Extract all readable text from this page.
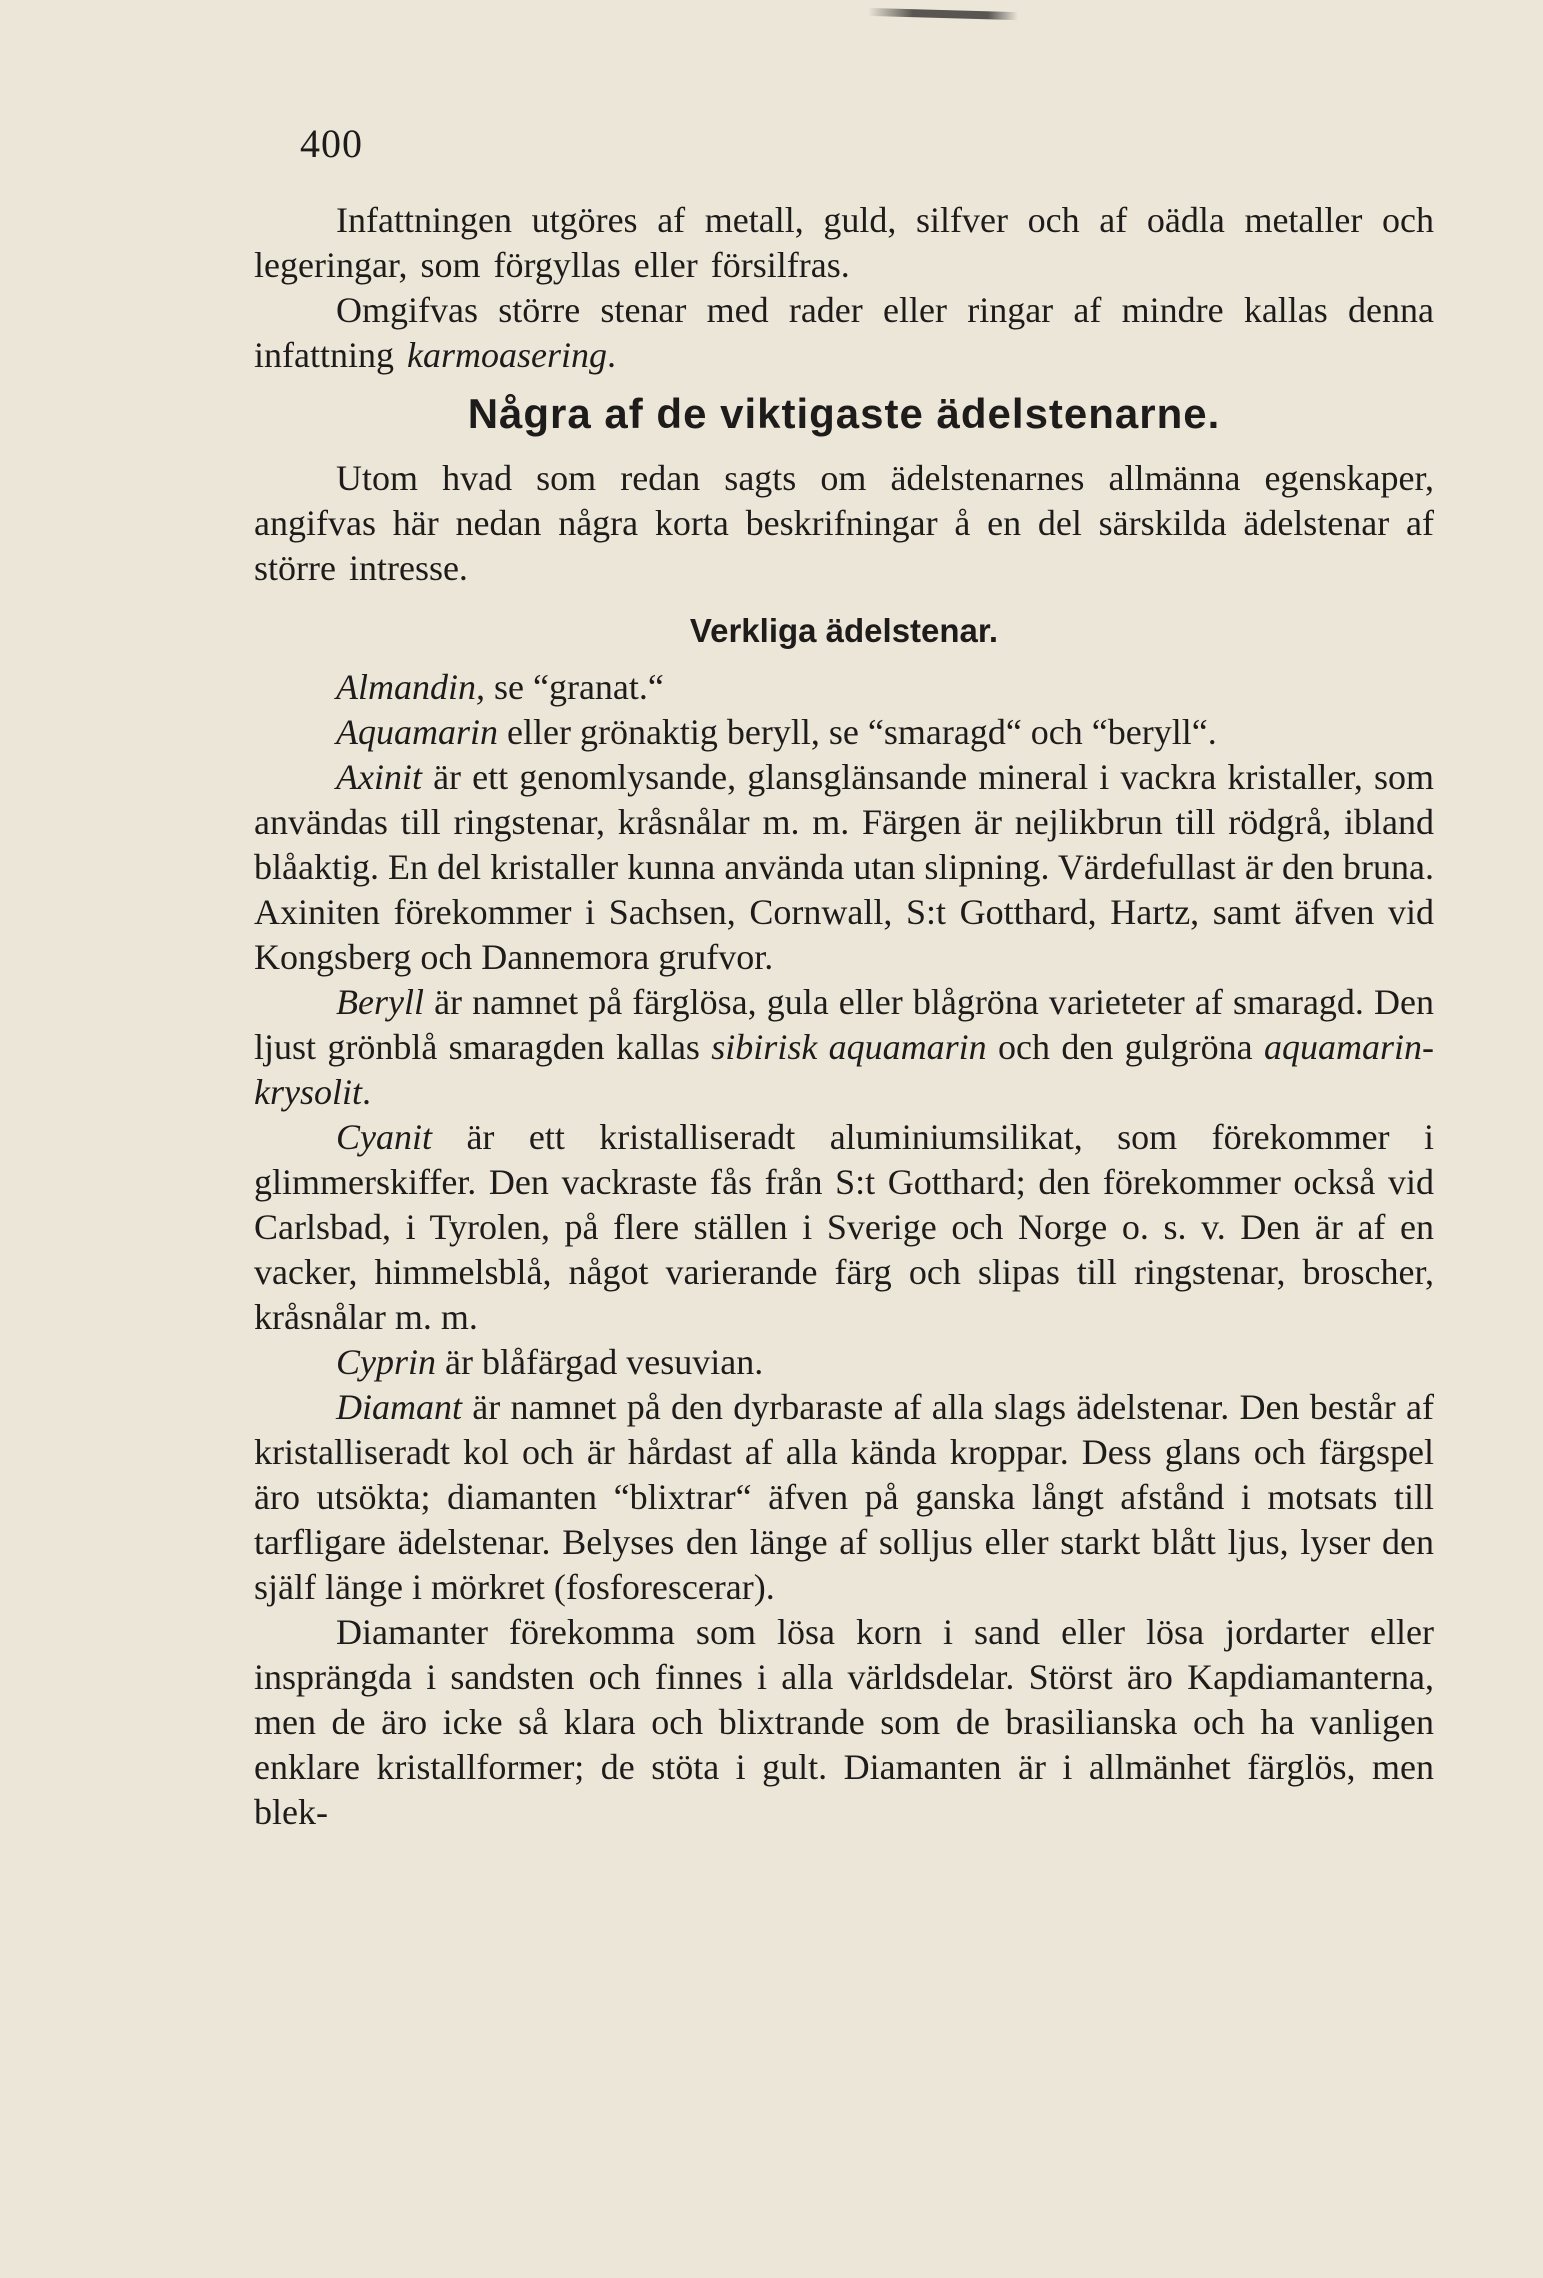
400

Infattningen utgöres af metall, guld, silfver och af oädla metaller och legeringar, som förgyllas eller försilfras.

Omgifvas större stenar med rader eller ringar af mindre kallas denna infattning karmoasering.

Några af de viktigaste ädelstenarne.

Utom hvad som redan sagts om ädelstenarnes allmänna egenskaper, angifvas här nedan några korta beskrifningar å en del särskilda ädelstenar af större intresse.

Verkliga ädelstenar.

Almandin, se “granat.“

Aquamarin eller grönaktig beryll, se “smaragd“ och “beryll“.

Axinit är ett genomlysande, glansglänsande mineral i vackra kristaller, som användas till ringstenar, kråsnålar m. m. Färgen är nejlikbrun till rödgrå, ibland blåaktig. En del kristaller kunna använda utan slipning. Värdefullast är den bruna. Axiniten förekommer i Sachsen, Cornwall, S:t Gotthard, Hartz, samt äfven vid Kongsberg och Dannemora grufvor.

Beryll är namnet på färglösa, gula eller blågröna varieteter af smaragd. Den ljust grönblå smaragden kallas sibirisk aquamarin och den gulgröna aquamarin-krysolit.

Cyanit är ett kristalliseradt aluminiumsilikat, som förekommer i glimmerskiffer. Den vackraste fås från S:t Gotthard; den förekommer också vid Carlsbad, i Tyrolen, på flere ställen i Sverige och Norge o. s. v. Den är af en vacker, himmelsblå, något varierande färg och slipas till ringstenar, broscher, kråsnålar m. m.

Cyprin är blåfärgad vesuvian.

Diamant är namnet på den dyrbaraste af alla slags ädelstenar. Den består af kristalliseradt kol och är hårdast af alla kända kroppar. Dess glans och färgspel äro utsökta; diamanten “blixtrar“ äfven på ganska långt afstånd i motsats till tarfligare ädelstenar. Belyses den länge af solljus eller starkt blått ljus, lyser den själf länge i mörkret (fosforescerar).

Diamanter förekomma som lösa korn i sand eller lösa jordarter eller insprängda i sandsten och finnes i alla världsdelar. Störst äro Kapdiamanterna, men de äro icke så klara och blixtrande som de brasilianska och ha vanligen enklare kristallformer; de stöta i gult. Diamanten är i allmänhet färglös, men blek-
